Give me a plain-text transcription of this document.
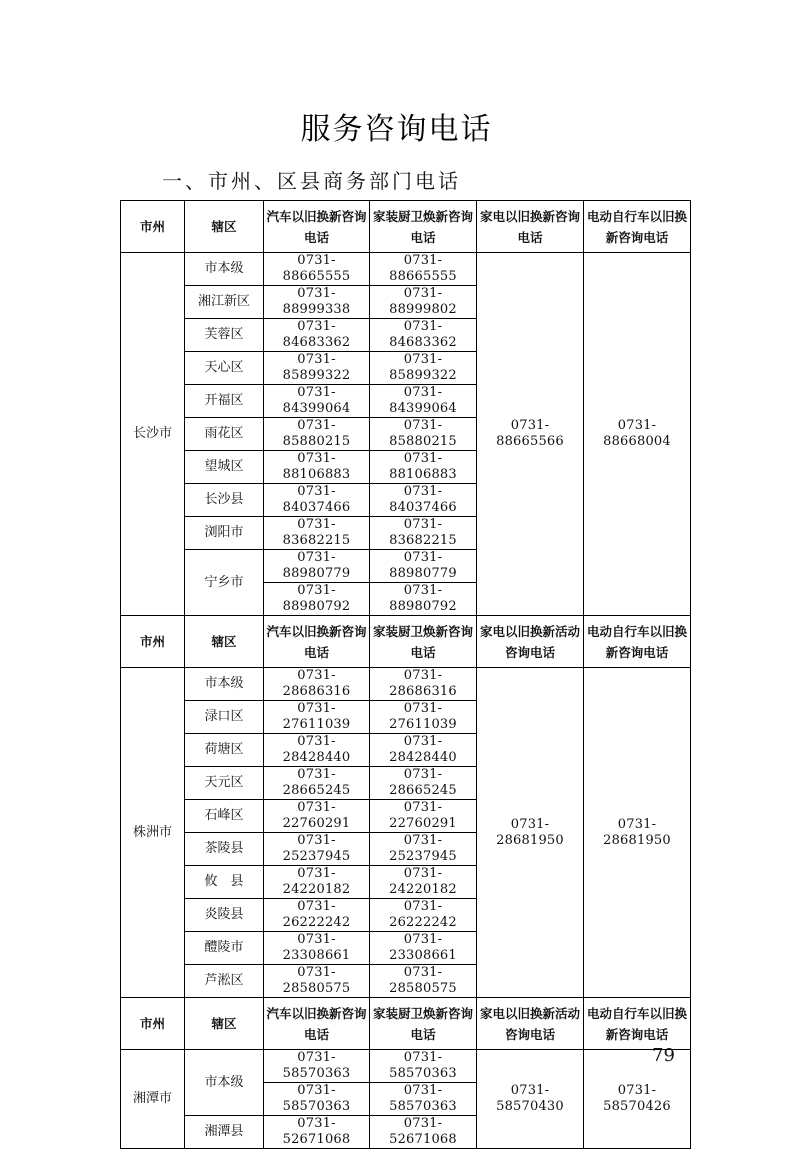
服务咨询电话
一、市州、区县商务部门电话
市州	辖区	汽车以旧换新咨询电话	家装厨卫焕新咨询电话	家电以旧换新咨询电话	电动自行车以旧换新咨询电话
长沙市	市本级	0731-88665555	0731-88665555	0731-88665566	0731-88668004
	湘江新区	0731-88999338	0731-88999802		
	芙蓉区	0731-84683362	0731-84683362		
	天心区	0731-85899322	0731-85899322		
	开福区	0731-84399064	0731-84399064		
	雨花区	0731-85880215	0731-85880215		
	望城区	0731-88106883	0731-88106883		
	长沙县	0731-84037466	0731-84037466		
	浏阳市	0731-83682215	0731-83682215		
	宁乡市	0731-88980779	0731-88980779		
		0731-88980792	0731-88980792		
市州	辖区	汽车以旧换新咨询电话	家装厨卫焕新咨询电话	家电以旧换新活动咨询电话	电动自行车以旧换新咨询电话
株洲市	市本级	0731-28686316	0731-28686316	0731-28681950	0731-28681950
	渌口区	0731-27611039	0731-27611039		
	荷塘区	0731-28428440	0731-28428440		
	天元区	0731-28665245	0731-28665245		
	石峰区	0731-22760291	0731-22760291		
	茶陵县	0731-25237945	0731-25237945		
	攸　县	0731-24220182	0731-24220182		
	炎陵县	0731-26222242	0731-26222242		
	醴陵市	0731-23308661	0731-23308661		
	芦淞区	0731-28580575	0731-28580575		
市州	辖区	汽车以旧换新咨询电话	家装厨卫焕新咨询电话	家电以旧换新活动咨询电话	电动自行车以旧换新咨询电话
湘潭市	市本级	0731-58570363	0731-58570363	0731-58570430	0731-58570426
		0731-58570363	0731-58570363		
	湘潭县	0731-52671068	0731-52671068		
79
